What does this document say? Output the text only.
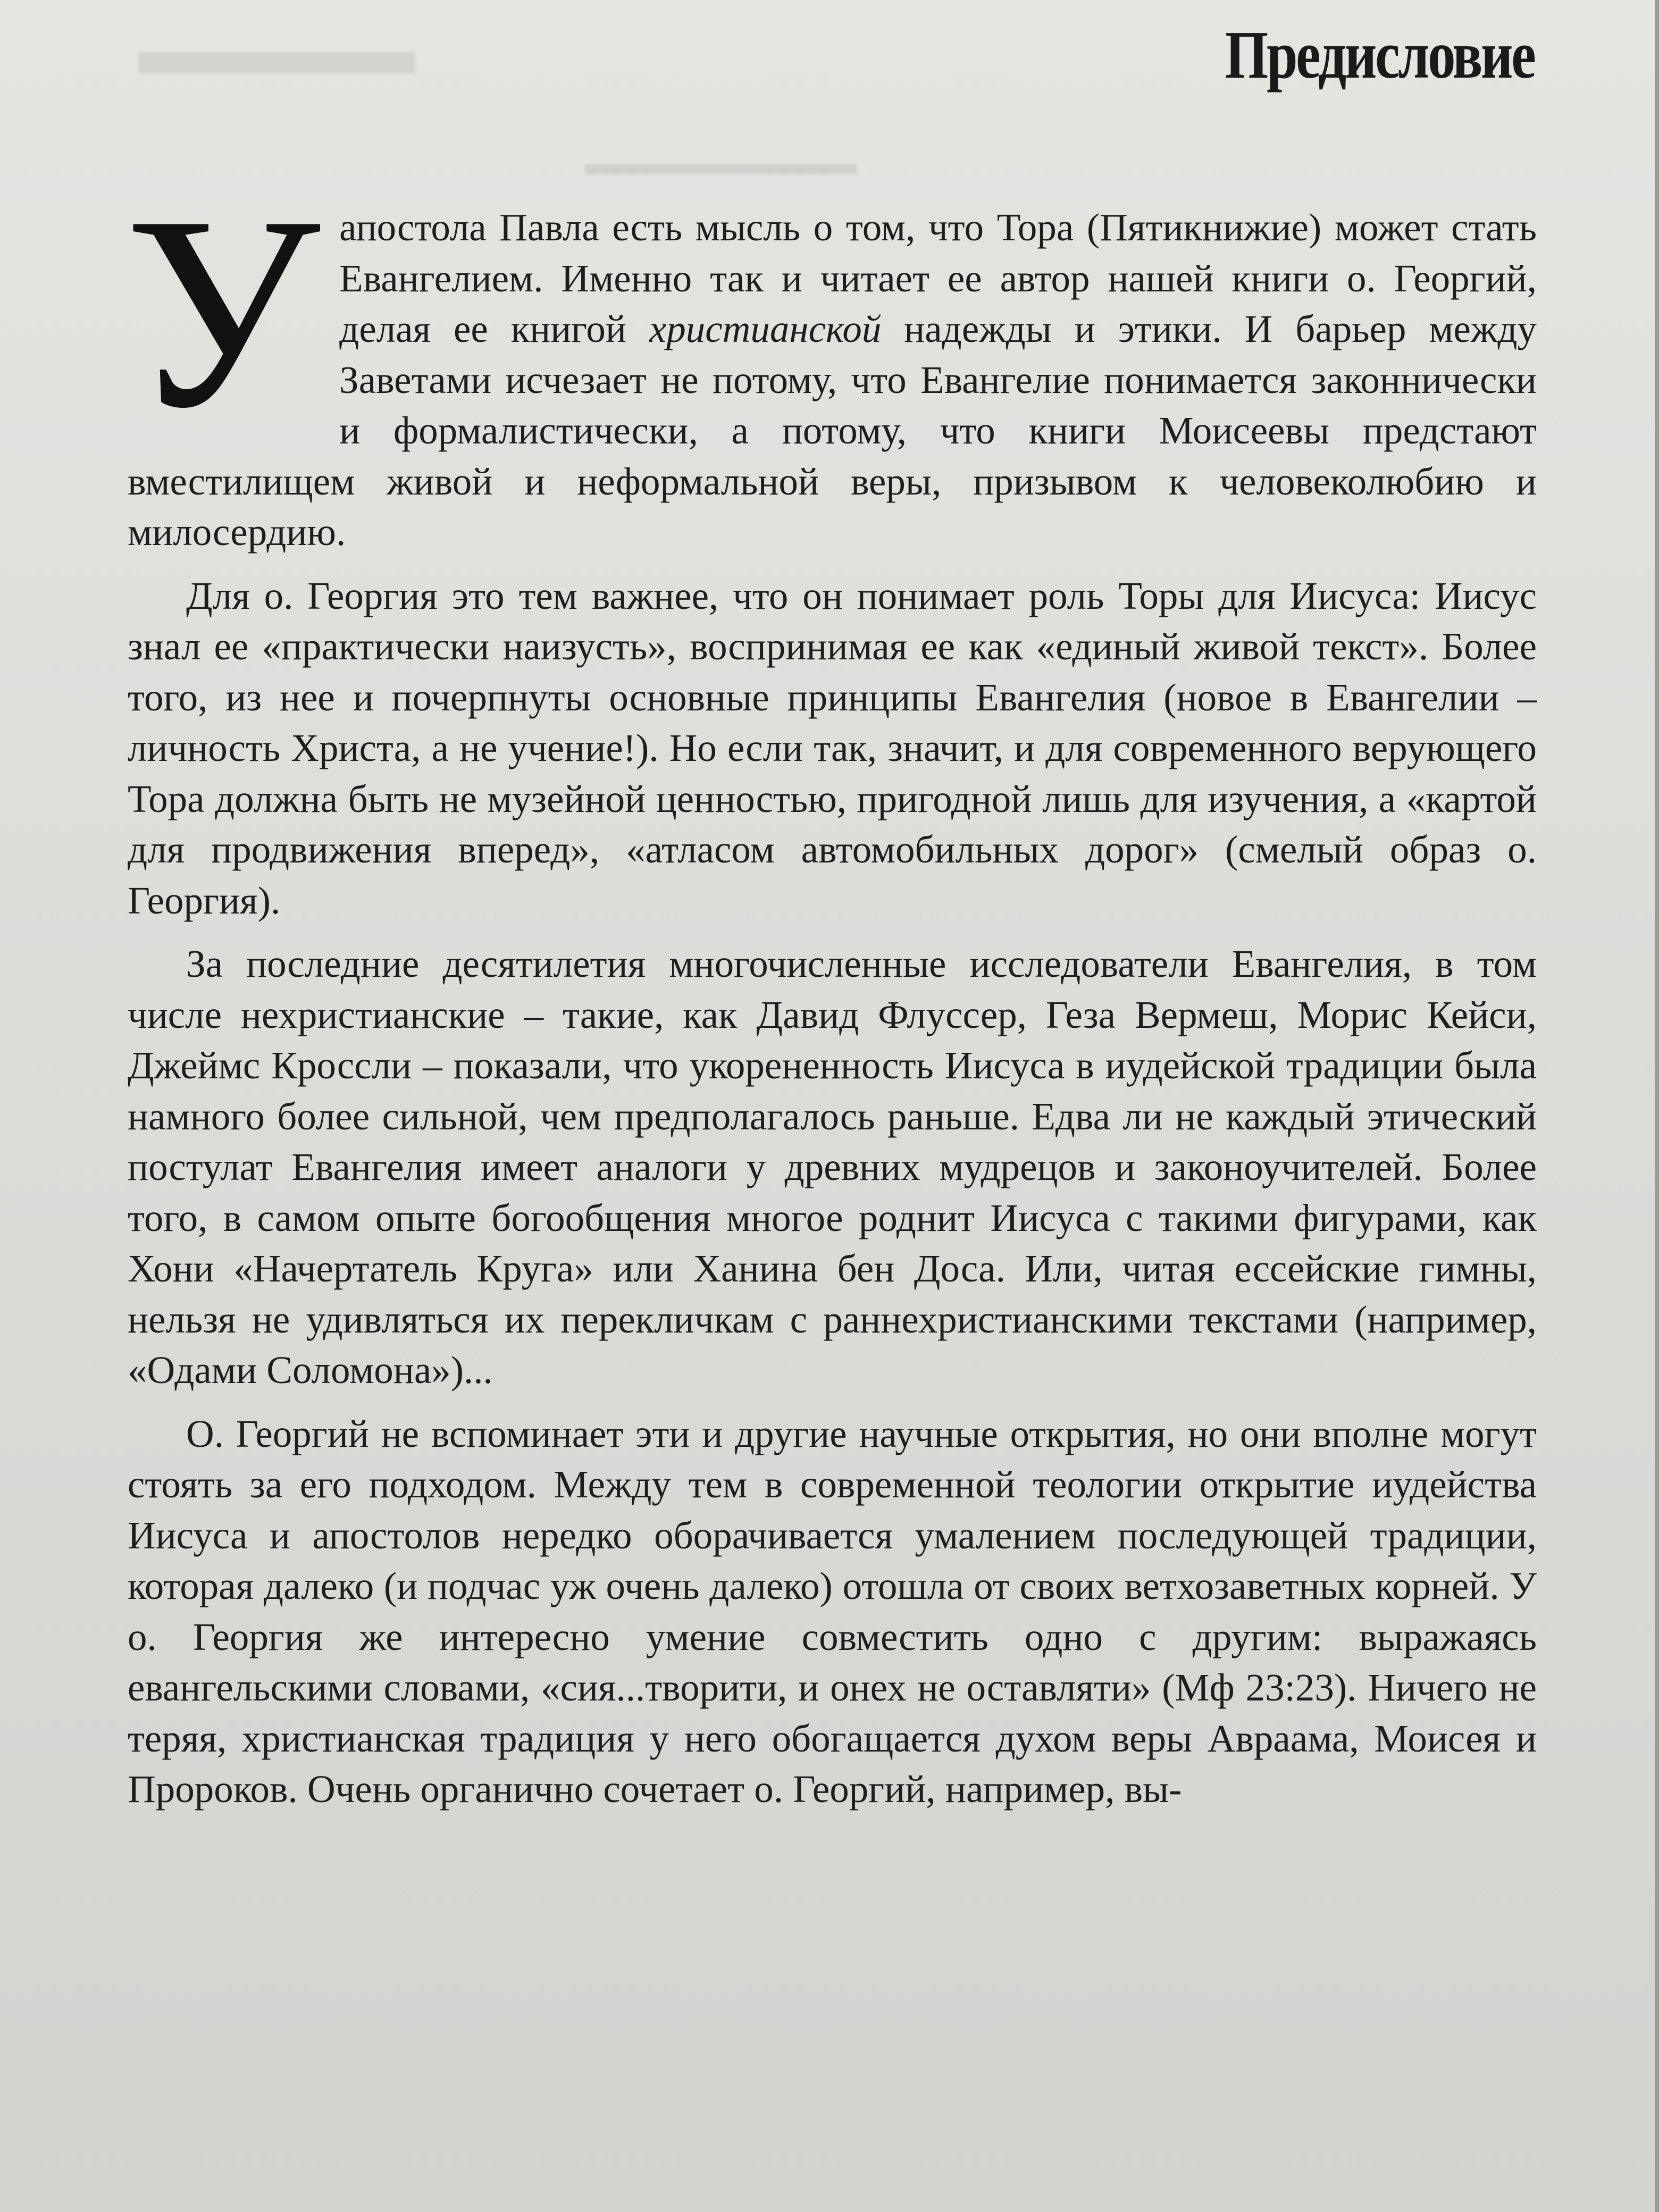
▬▬▬▬
▬▬▬▬▬▬▬▬
Предисловие

У апостола Павла есть мысль о том, что Тора (Пятикнижие) может стать Евангелием. Именно так и читает ее автор нашей книги о. Георгий, делая ее книгой христианской надежды и этики. И барьер между Заветами исчезает не потому, что Евангелие понимается законнически и формалистически, а потому, что книги Моисеевы предстают вместилищем живой и неформальной веры, призывом к человеколюбию и милосердию.

Для о. Георгия это тем важнее, что он понимает роль Торы для Иисуса: Иисус знал ее «практически наизусть», воспринимая ее как «единый живой текст». Более того, из нее и почерпнуты основные принципы Евангелия (новое в Евангелии – личность Христа, а не учение!). Но если так, значит, и для современного верующего Тора должна быть не музейной ценностью, пригодной лишь для изучения, а «картой для продвижения вперед», «атласом автомобильных дорог» (смелый образ о. Георгия).

За последние десятилетия многочисленные исследователи Евангелия, в том числе нехристианские – такие, как Давид Флуссер, Геза Вермеш, Морис Кейси, Джеймс Кроссли – показали, что укорененность Иисуса в иудейской традиции была намного более сильной, чем предполагалось раньше. Едва ли не каждый этический постулат Евангелия имеет аналоги у древних мудрецов и законоучителей. Более того, в самом опыте богообщения многое роднит Иисуса с такими фигурами, как Хони «Начертатель Круга» или Ханина бен Доса. Или, читая ессейские гимны, нельзя не удивляться их перекличкам с раннехристианскими текстами (например, «Одами Соломона»)...

О. Георгий не вспоминает эти и другие научные открытия, но они вполне могут стоять за его подходом. Между тем в современной теологии открытие иудейства Иисуса и апостолов нередко оборачивается умалением последующей традиции, которая далеко (и подчас уж очень далеко) отошла от своих ветхозаветных корней. У о. Георгия же интересно умение совместить одно с другим: выражаясь евангельскими словами, «сия...творити, и онех не оставляти» (Мф 23:23). Ничего не теряя, христианская традиция у него обогащается духом веры Авраама, Моисея и Пророков. Очень органично сочетает о. Георгий, например, вы-
